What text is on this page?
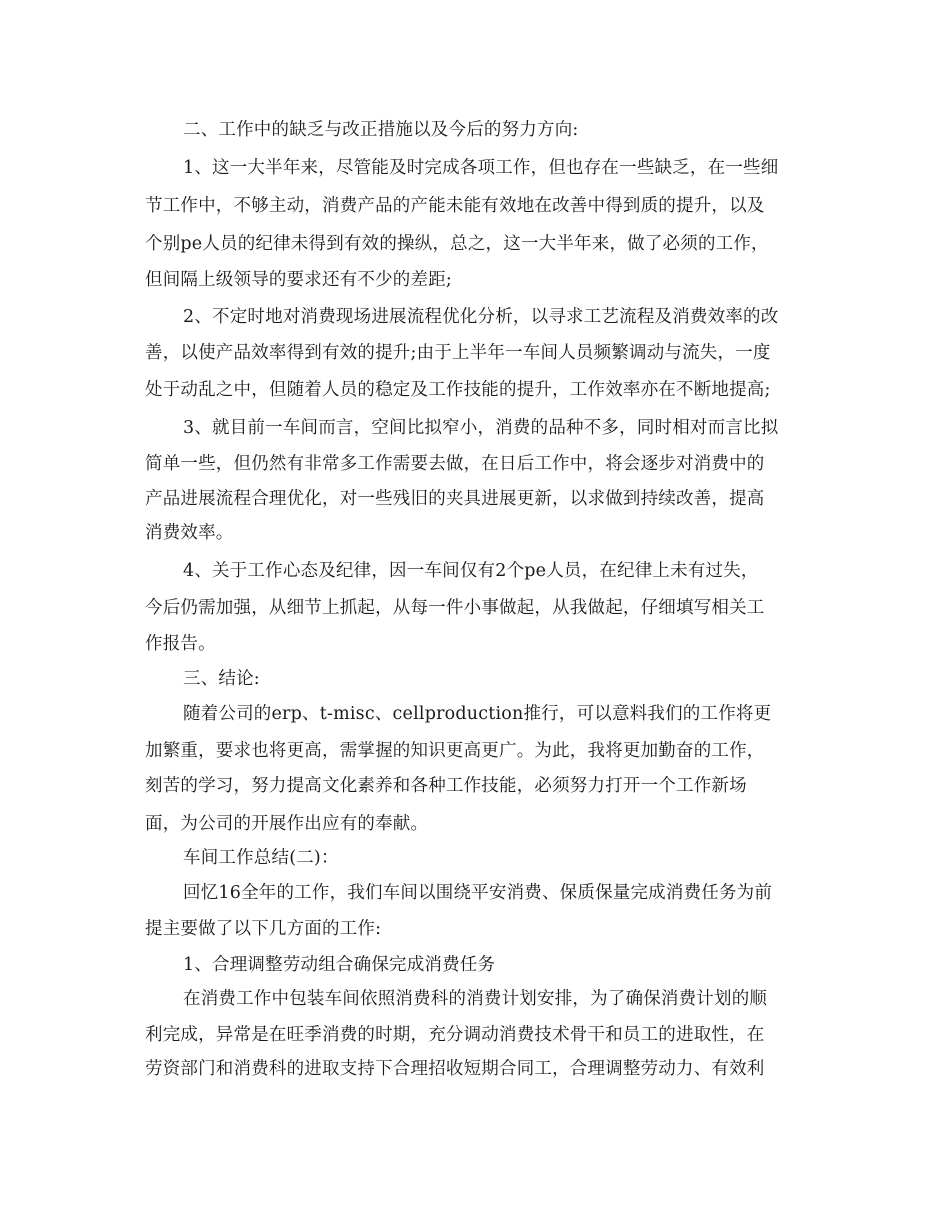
二、工作中的缺乏与改正措施以及今后的努力方向:
1、这一大半年来，尽管能及时完成各项工作，但也存在一些缺乏，在一些细
节工作中，不够主动，消费产品的产能未能有效地在改善中得到质的提升，以及
个别pe人员的纪律未得到有效的操纵，总之，这一大半年来，做了必须的工作，
但间隔上级领导的要求还有不少的差距;
2、不定时地对消费现场进展流程优化分析，以寻求工艺流程及消费效率的改
善，以使产品效率得到有效的提升;由于上半年一车间人员频繁调动与流失，一度
处于动乱之中，但随着人员的稳定及工作技能的提升，工作效率亦在不断地提高;
3、就目前一车间而言，空间比拟窄小，消费的品种不多，同时相对而言比拟
简单一些，但仍然有非常多工作需要去做，在日后工作中，将会逐步对消费中的
产品进展流程合理优化，对一些残旧的夹具进展更新，以求做到持续改善，提高
消费效率。
4、关于工作心态及纪律，因一车间仅有2个pe人员，在纪律上未有过失，
今后仍需加强，从细节上抓起，从每一件小事做起，从我做起，仔细填写相关工
作报告。
三、结论:
随着公司的erp、t-misc、cellproduction推行，可以意料我们的工作将更
加繁重，要求也将更高，需掌握的知识更高更广。为此，我将更加勤奋的工作，
刻苦的学习，努力提高文化素养和各种工作技能，必须努力打开一个工作新场
面，为公司的开展作出应有的奉献。
车间工作总结(二)：
回忆16全年的工作，我们车间以围绕平安消费、保质保量完成消费任务为前
提主要做了以下几方面的工作:
1、合理调整劳动组合确保完成消费任务
在消费工作中包装车间依照消费科的消费计划安排，为了确保消费计划的顺
利完成，异常是在旺季消费的时期，充分调动消费技术骨干和员工的进取性，在
劳资部门和消费科的进取支持下合理招收短期合同工，合理调整劳动力、有效利
